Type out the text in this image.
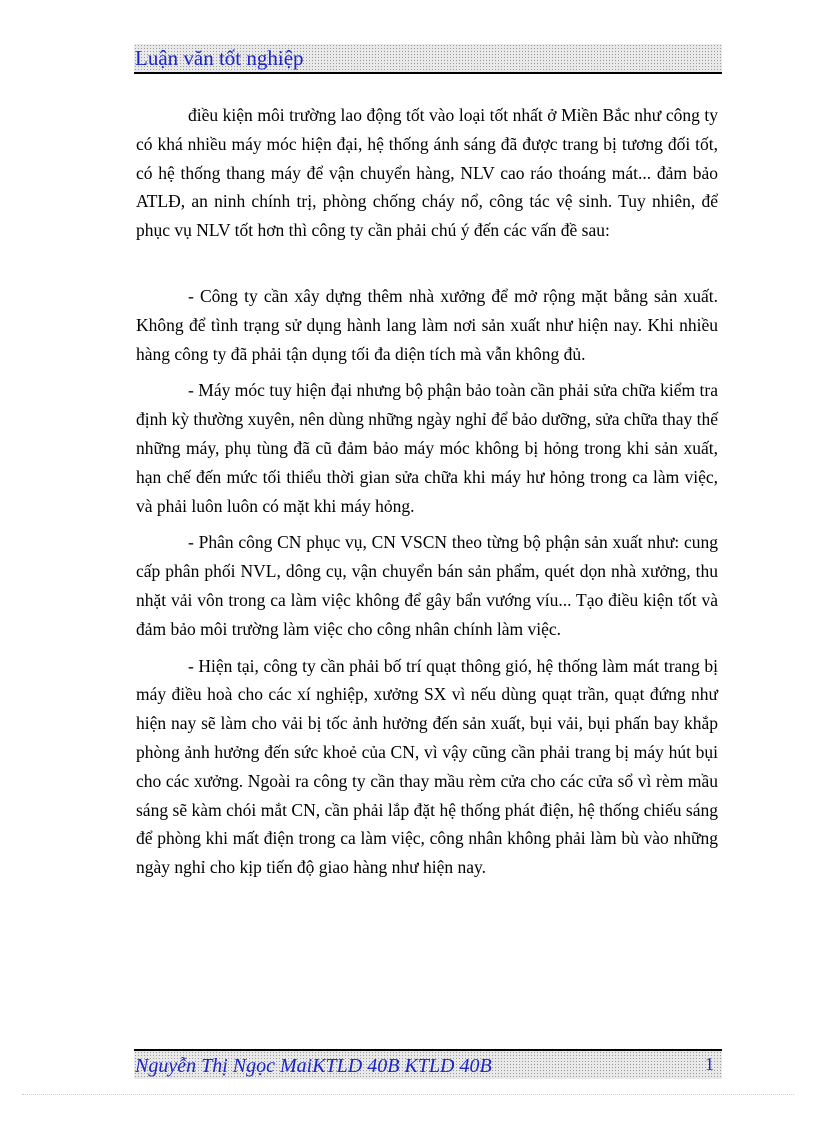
Luận văn tốt nghiệp

điều kiện môi trường lao động tốt vào loại tốt nhất ở Miền Bắc như công ty có khá nhiều máy móc hiện đại, hệ thống ánh sáng đã được trang bị tương đối tốt, có hệ thống thang máy để vận chuyển hàng, NLV cao ráo thoáng mát... đảm bảo ATLĐ, an ninh chính trị, phòng chống cháy nổ, công tác vệ sinh. Tuy nhiên, để phục vụ NLV tốt hơn thì công ty cần phải chú ý đến các vấn đề sau:

- Công ty cần xây dựng thêm nhà xưởng để mở rộng mặt bằng sản xuất. Không để tình trạng sử dụng hành lang làm nơi sản xuất như hiện nay. Khi nhiều hàng công ty đã phải tận dụng tối đa diện tích mà vẫn không đủ.

- Máy móc tuy hiện đại nhưng bộ phận bảo toàn cần phải sửa chữa kiểm tra định kỳ thường xuyên, nên dùng những ngày nghỉ để bảo dưỡng, sửa chữa thay thế những máy, phụ tùng đã cũ đảm bảo máy móc không bị hỏng trong khi sản xuất, hạn chế đến mức tối thiểu thời gian sửa chữa khi máy hư hỏng trong ca làm việc, và phải luôn luôn có mặt khi máy hỏng.

- Phân công CN phục vụ, CN VSCN theo từng bộ phận sản xuất như: cung cấp phân phối NVL, dông cụ, vận chuyển bán sản phẩm, quét dọn nhà xưởng, thu nhặt vải vôn trong ca làm việc không để gây bẩn vướng víu... Tạo điều kiện tốt và đảm bảo môi trường làm việc cho công nhân chính làm việc.

- Hiện tại, công ty cần phải bố trí quạt thông gió, hệ thống làm mát trang bị máy điều hoà cho các xí nghiệp, xưởng SX vì nếu dùng quạt trần, quạt đứng như hiện nay sẽ làm cho vải bị tốc ảnh hưởng đến sản xuất, bụi vải, bụi phấn bay khắp phòng ảnh hưởng đến sức khoẻ của CN, vì vậy cũng cần phải trang bị máy hút bụi cho các xưởng. Ngoài ra công ty cần thay mầu rèm cửa cho các cửa sổ vì rèm mầu sáng sẽ kàm chói mắt CN, cần phải lắp đặt hệ thống phát điện, hệ thống chiếu sáng để phòng khi mất điện trong ca làm việc, công nhân không phải làm bù vào những ngày nghỉ cho kịp tiến độ giao hàng như hiện nay.

Nguyễn Thị Ngọc MaiKTLD 40B KTLD 40B	1
